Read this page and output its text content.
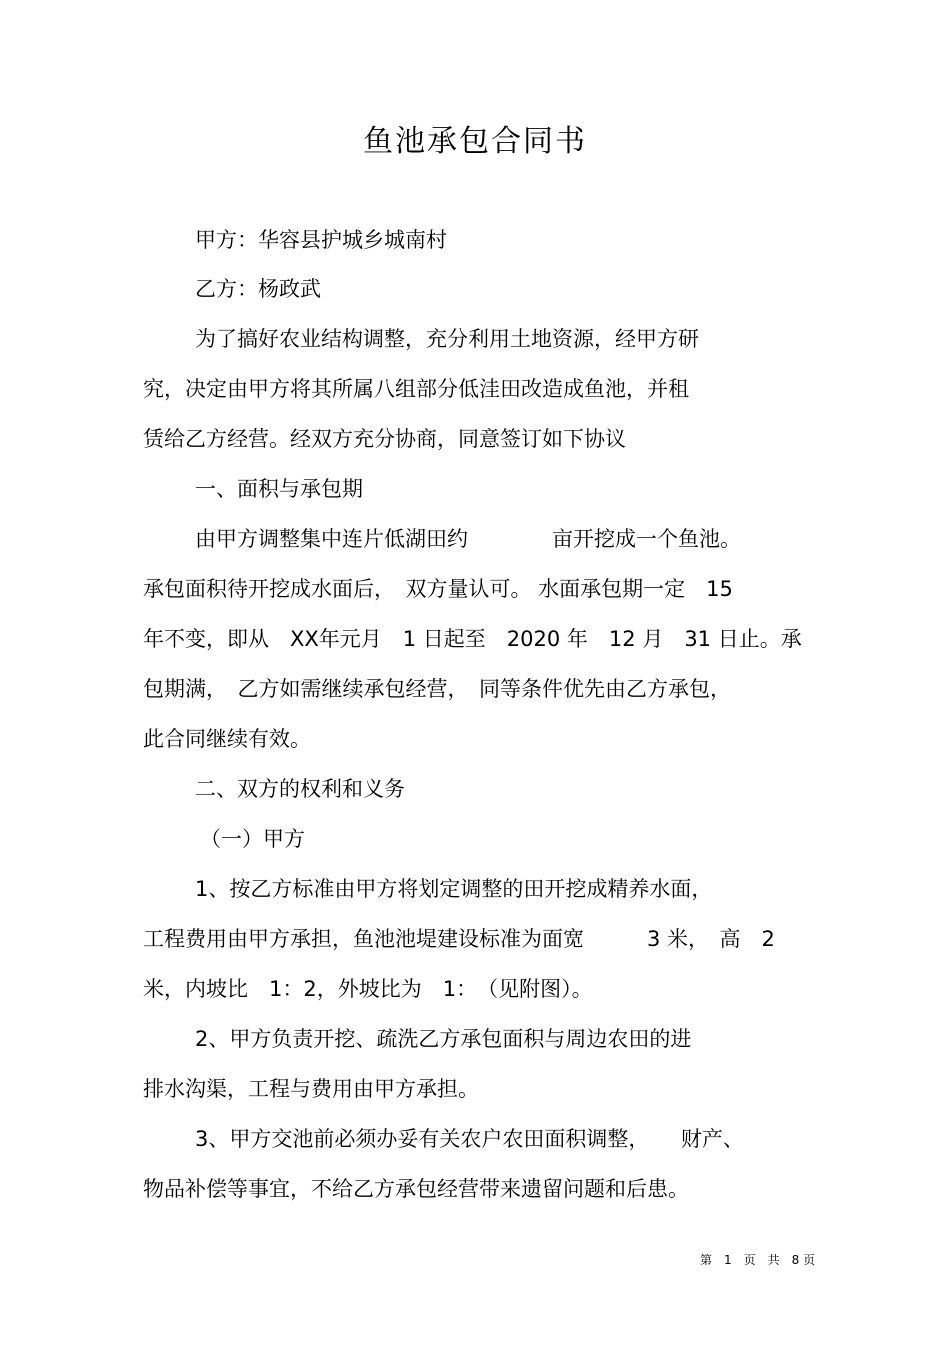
鱼池承包合同书
甲方：华容县护城乡城南村
乙方：杨政武
为了搞好农业结构调整，充分利用土地资源，经甲方研
究，决定由甲方将其所属八组部分低洼田改造成鱼池，并租
赁给乙方经营。经双方充分协商，同意签订如下协议
一、面积与承包期
由甲方调整集中连片低湖田约　　　　亩开挖成一个鱼池。
承包面积待开挖成水面后，　双方量认可。 水面承包期一定　15
年不变，即从　XX年元月　1 日起至　2020 年　12 月　31 日止。承
包期满，　乙方如需继续承包经营，　同等条件优先由乙方承包，
此合同继续有效。
二、双方的权利和义务
（一）甲方
1、按乙方标准由甲方将划定调整的田开挖成精养水面，
工程费用由甲方承担，鱼池池堤建设标准为面宽　　　3 米，　高　2
米，内坡比　1：2，外坡比为　1：　（见附图）。
2、甲方负责开挖、疏洗乙方承包面积与周边农田的进
排水沟渠，工程与费用由甲方承担。
3、甲方交池前必须办妥有关农户农田面积调整，　　财产、
物品补偿等事宜，不给乙方承包经营带来遗留问题和后患。
第　1　页　共　8 页
